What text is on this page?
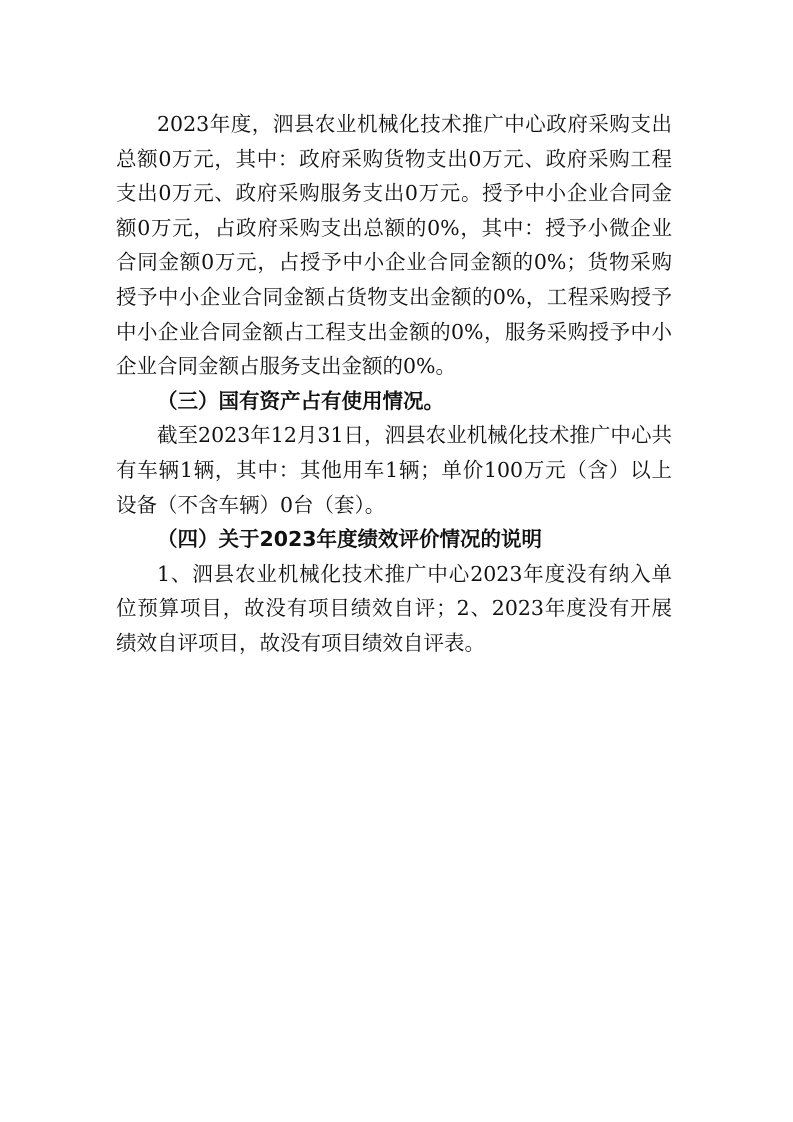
2023年度，泗县农业机械化技术推广中心政府采购支出总额0万元，其中：政府采购货物支出0万元、政府采购工程支出0万元、政府采购服务支出0万元。授予中小企业合同金额0万元，占政府采购支出总额的0%，其中：授予小微企业合同金额0万元，占授予中小企业合同金额的0%；货物采购授予中小企业合同金额占货物支出金额的0%，工程采购授予中小企业合同金额占工程支出金额的0%，服务采购授予中小企业合同金额占服务支出金额的0%。

（三）国有资产占有使用情况。

截至2023年12月31日，泗县农业机械化技术推广中心共有车辆1辆，其中：其他用车1辆；单价100万元（含）以上设备（不含车辆）0台（套）。

（四）关于2023年度绩效评价情况的说明

1、泗县农业机械化技术推广中心2023年度没有纳入单位预算项目，故没有项目绩效自评；2、2023年度没有开展绩效自评项目，故没有项目绩效自评表。
